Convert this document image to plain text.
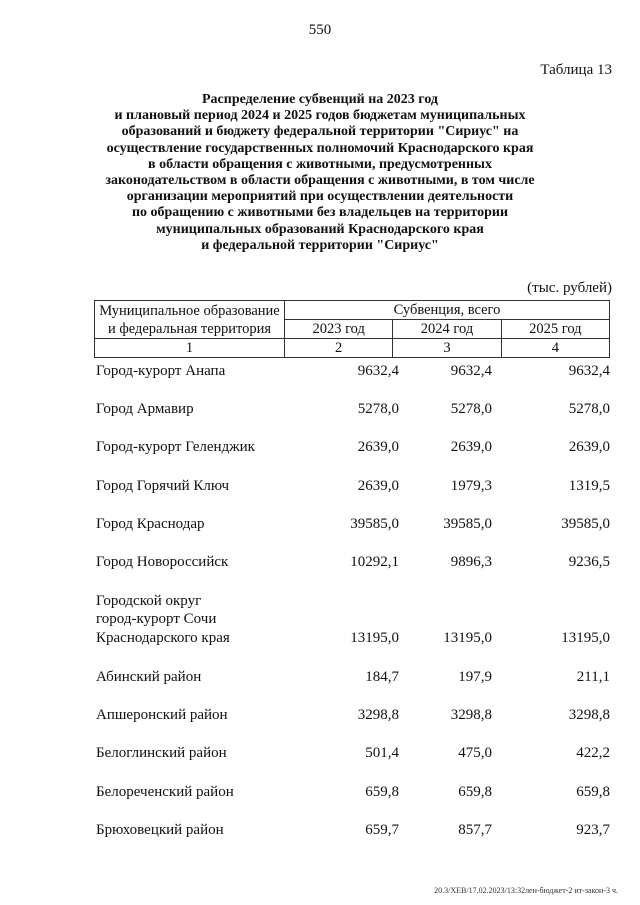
550
Таблица 13
Распределение субвенций на 2023 год
и плановый период 2024 и 2025 годов бюджетам муниципальных
образований и бюджету федеральной территории "Сириус" на
осуществление государственных полномочий Краснодарского края
в области обращения с животными, предусмотренных
законодательством в области обращения с животными, в том числе
организации мероприятий при осуществлении деятельности
по обращению с животными без владельцев на территории
муниципальных образований Краснодарского края
и федеральной территории "Сириус"
(тыс. рублей)
Муниципальное образование
и федеральная территория	Субвенция, всего		
	2023 год	2024 год	2025 год
1	2	3	4
Город-курорт Анапа	9632,4	9632,4	9632,4
Город Армавир	5278,0	5278,0	5278,0
Город-курорт Геленджик	2639,0	2639,0	2639,0
Город Горячий Ключ	2639,0	1979,3	1319,5
Город Краснодар	39585,0	39585,0	39585,0
Город Новороссийск	10292,1	9896,3	9236,5
Городской округ
город-курорт Сочи
Краснодарского края	13195,0	13195,0	13195,0
Абинский район	184,7	197,9	211,1
Апшеронский район	3298,8	3298,8	3298,8
Белоглинский район	501,4	475,0	422,2
Белореченский район	659,8	659,8	659,8
Брюховецкий район	659,7	857,7	923,7
20.3/XEB/17.02.2023/13:32лен-бюджет-2 ит-закон-3 ч.
